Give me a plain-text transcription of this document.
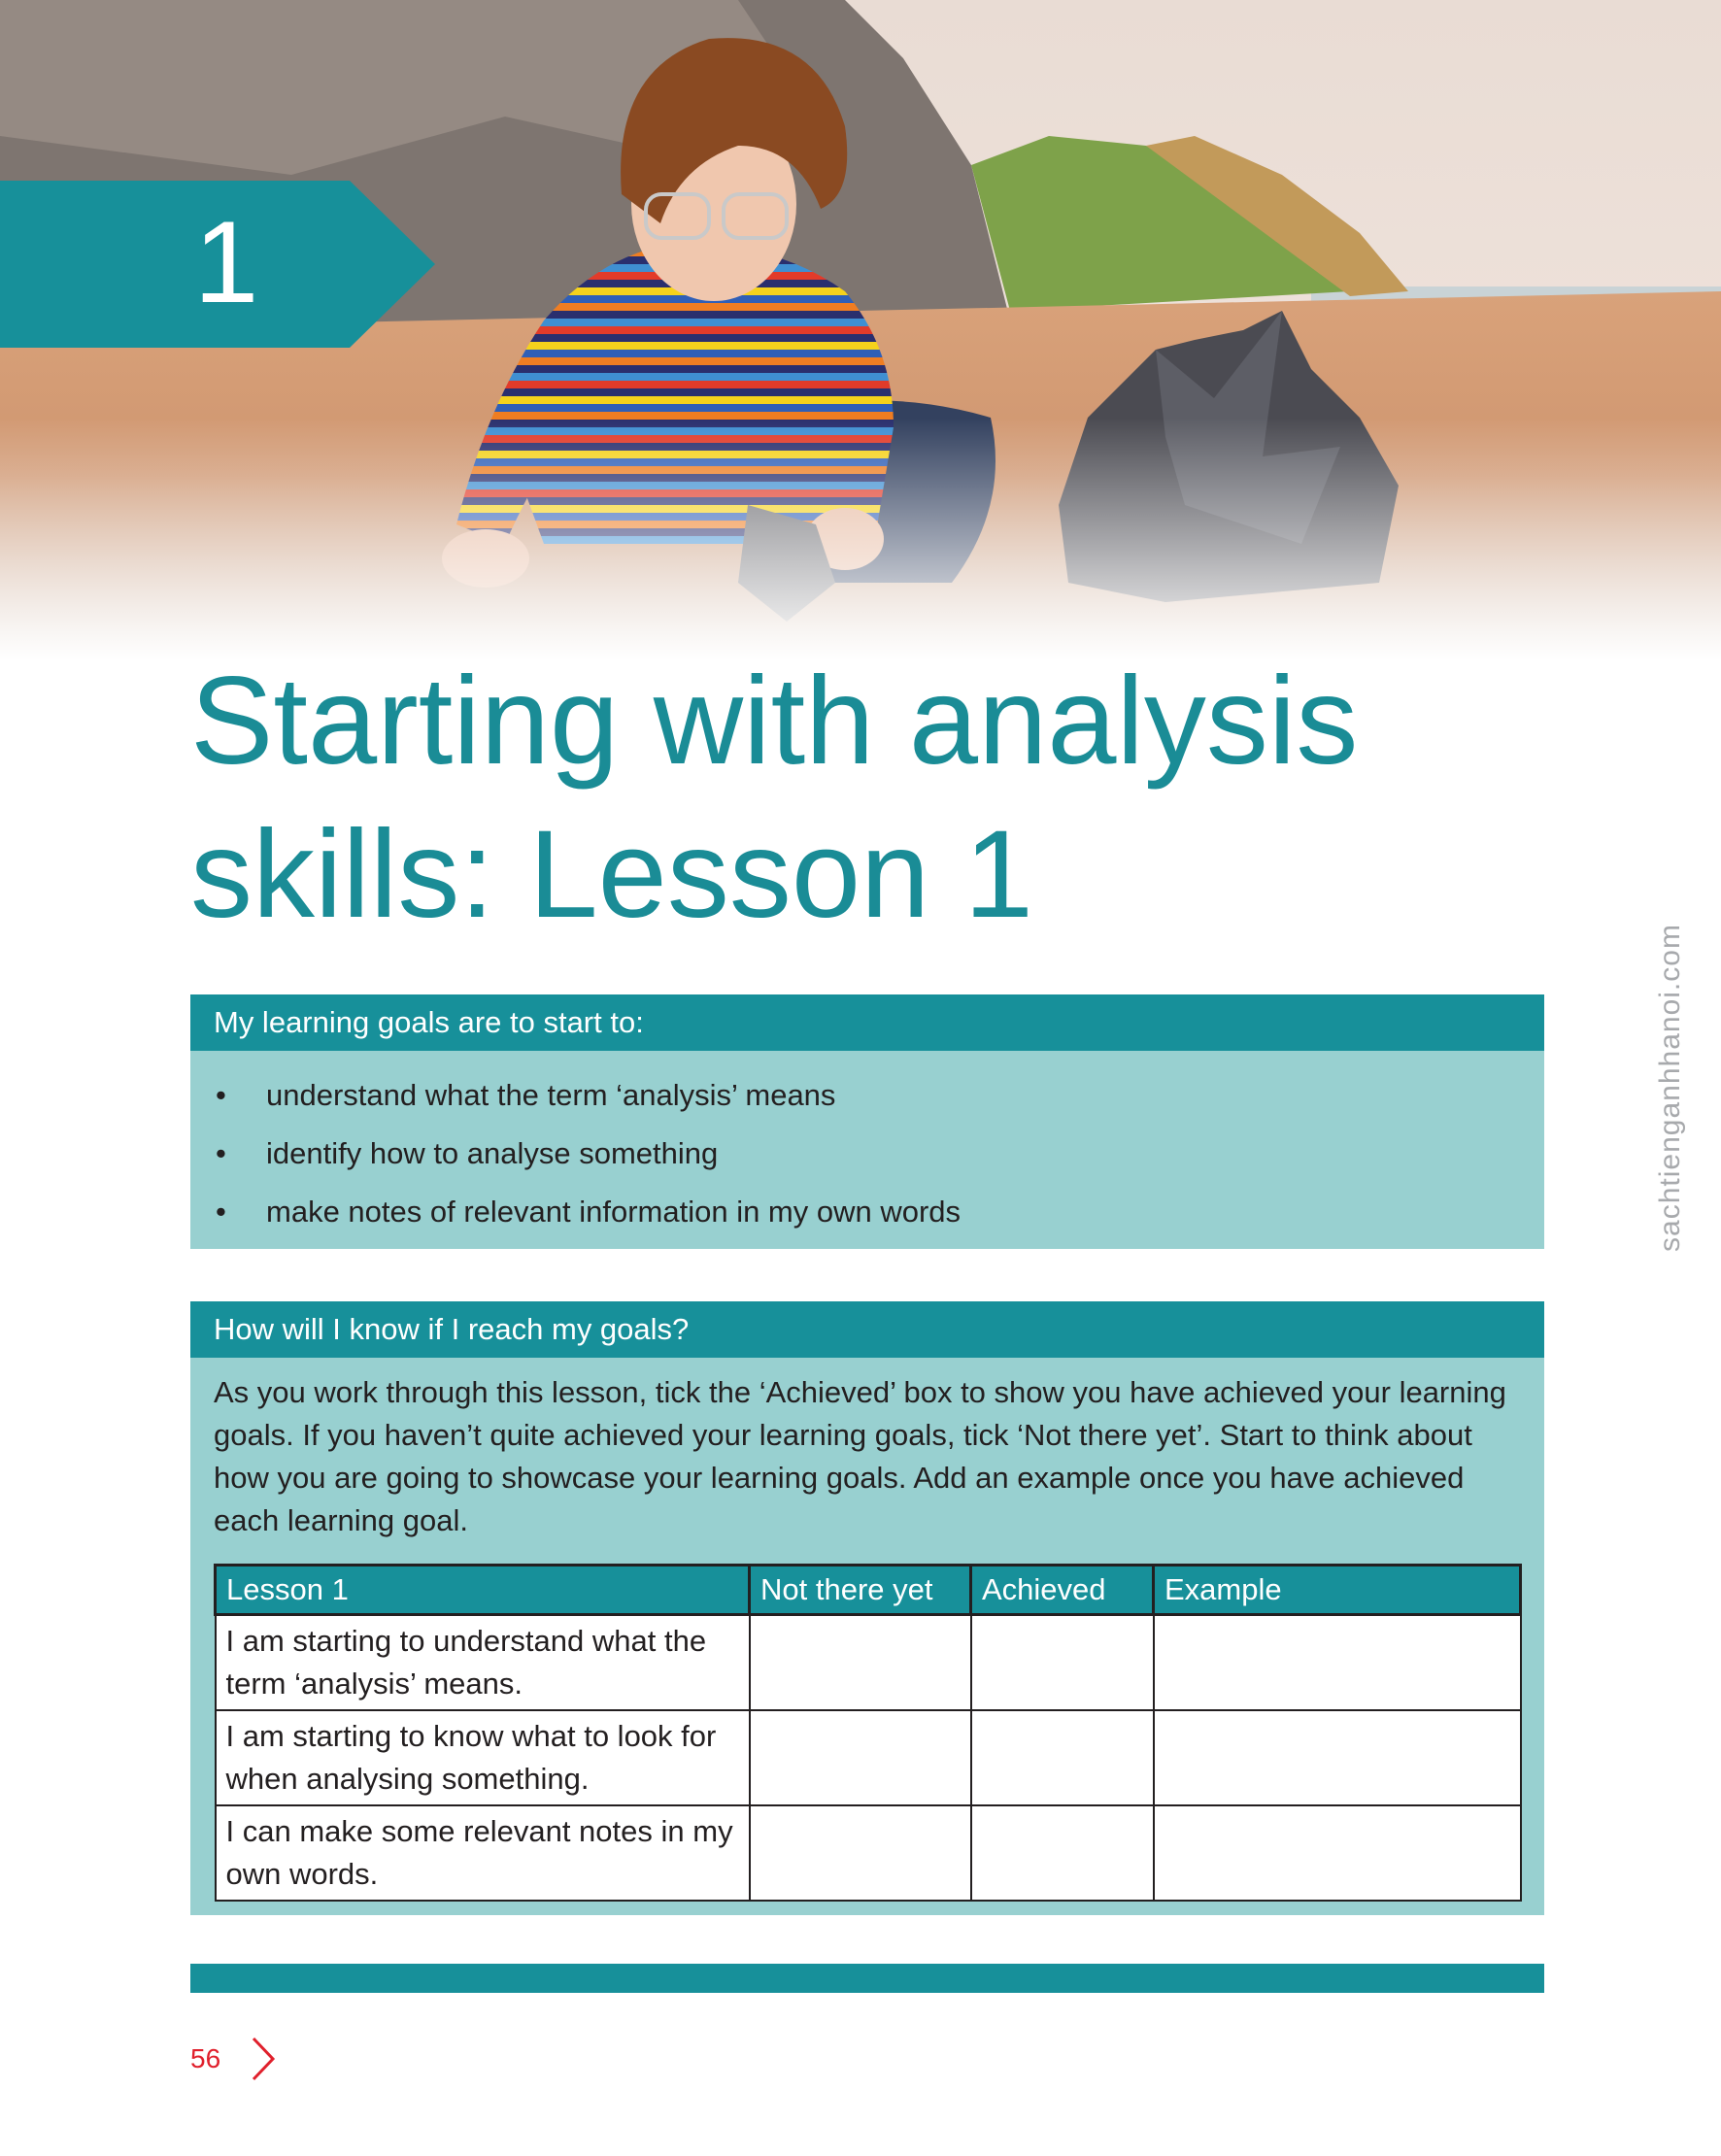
1
Starting with analysis skills: Lesson 1
My learning goals are to start to:
• understand what the term ‘analysis’ means
• identify how to analyse something
• make notes of relevant information in my own words
How will I know if I reach my goals?

As you work through this lesson, tick the ‘Achieved’ box to show you have achieved your learning goals. If you haven’t quite achieved your learning goals, tick ‘Not there yet’. Start to think about how you are going to showcase your learning goals. Add an example once you have achieved each learning goal.

Lesson 1	Not there yet	Achieved	Example
I am starting to understand what the term ‘analysis’ means.			
I am starting to know what to look for when analysing something.			
I can make some relevant notes in my own words.			
56
sachtienganhhanoi.com
